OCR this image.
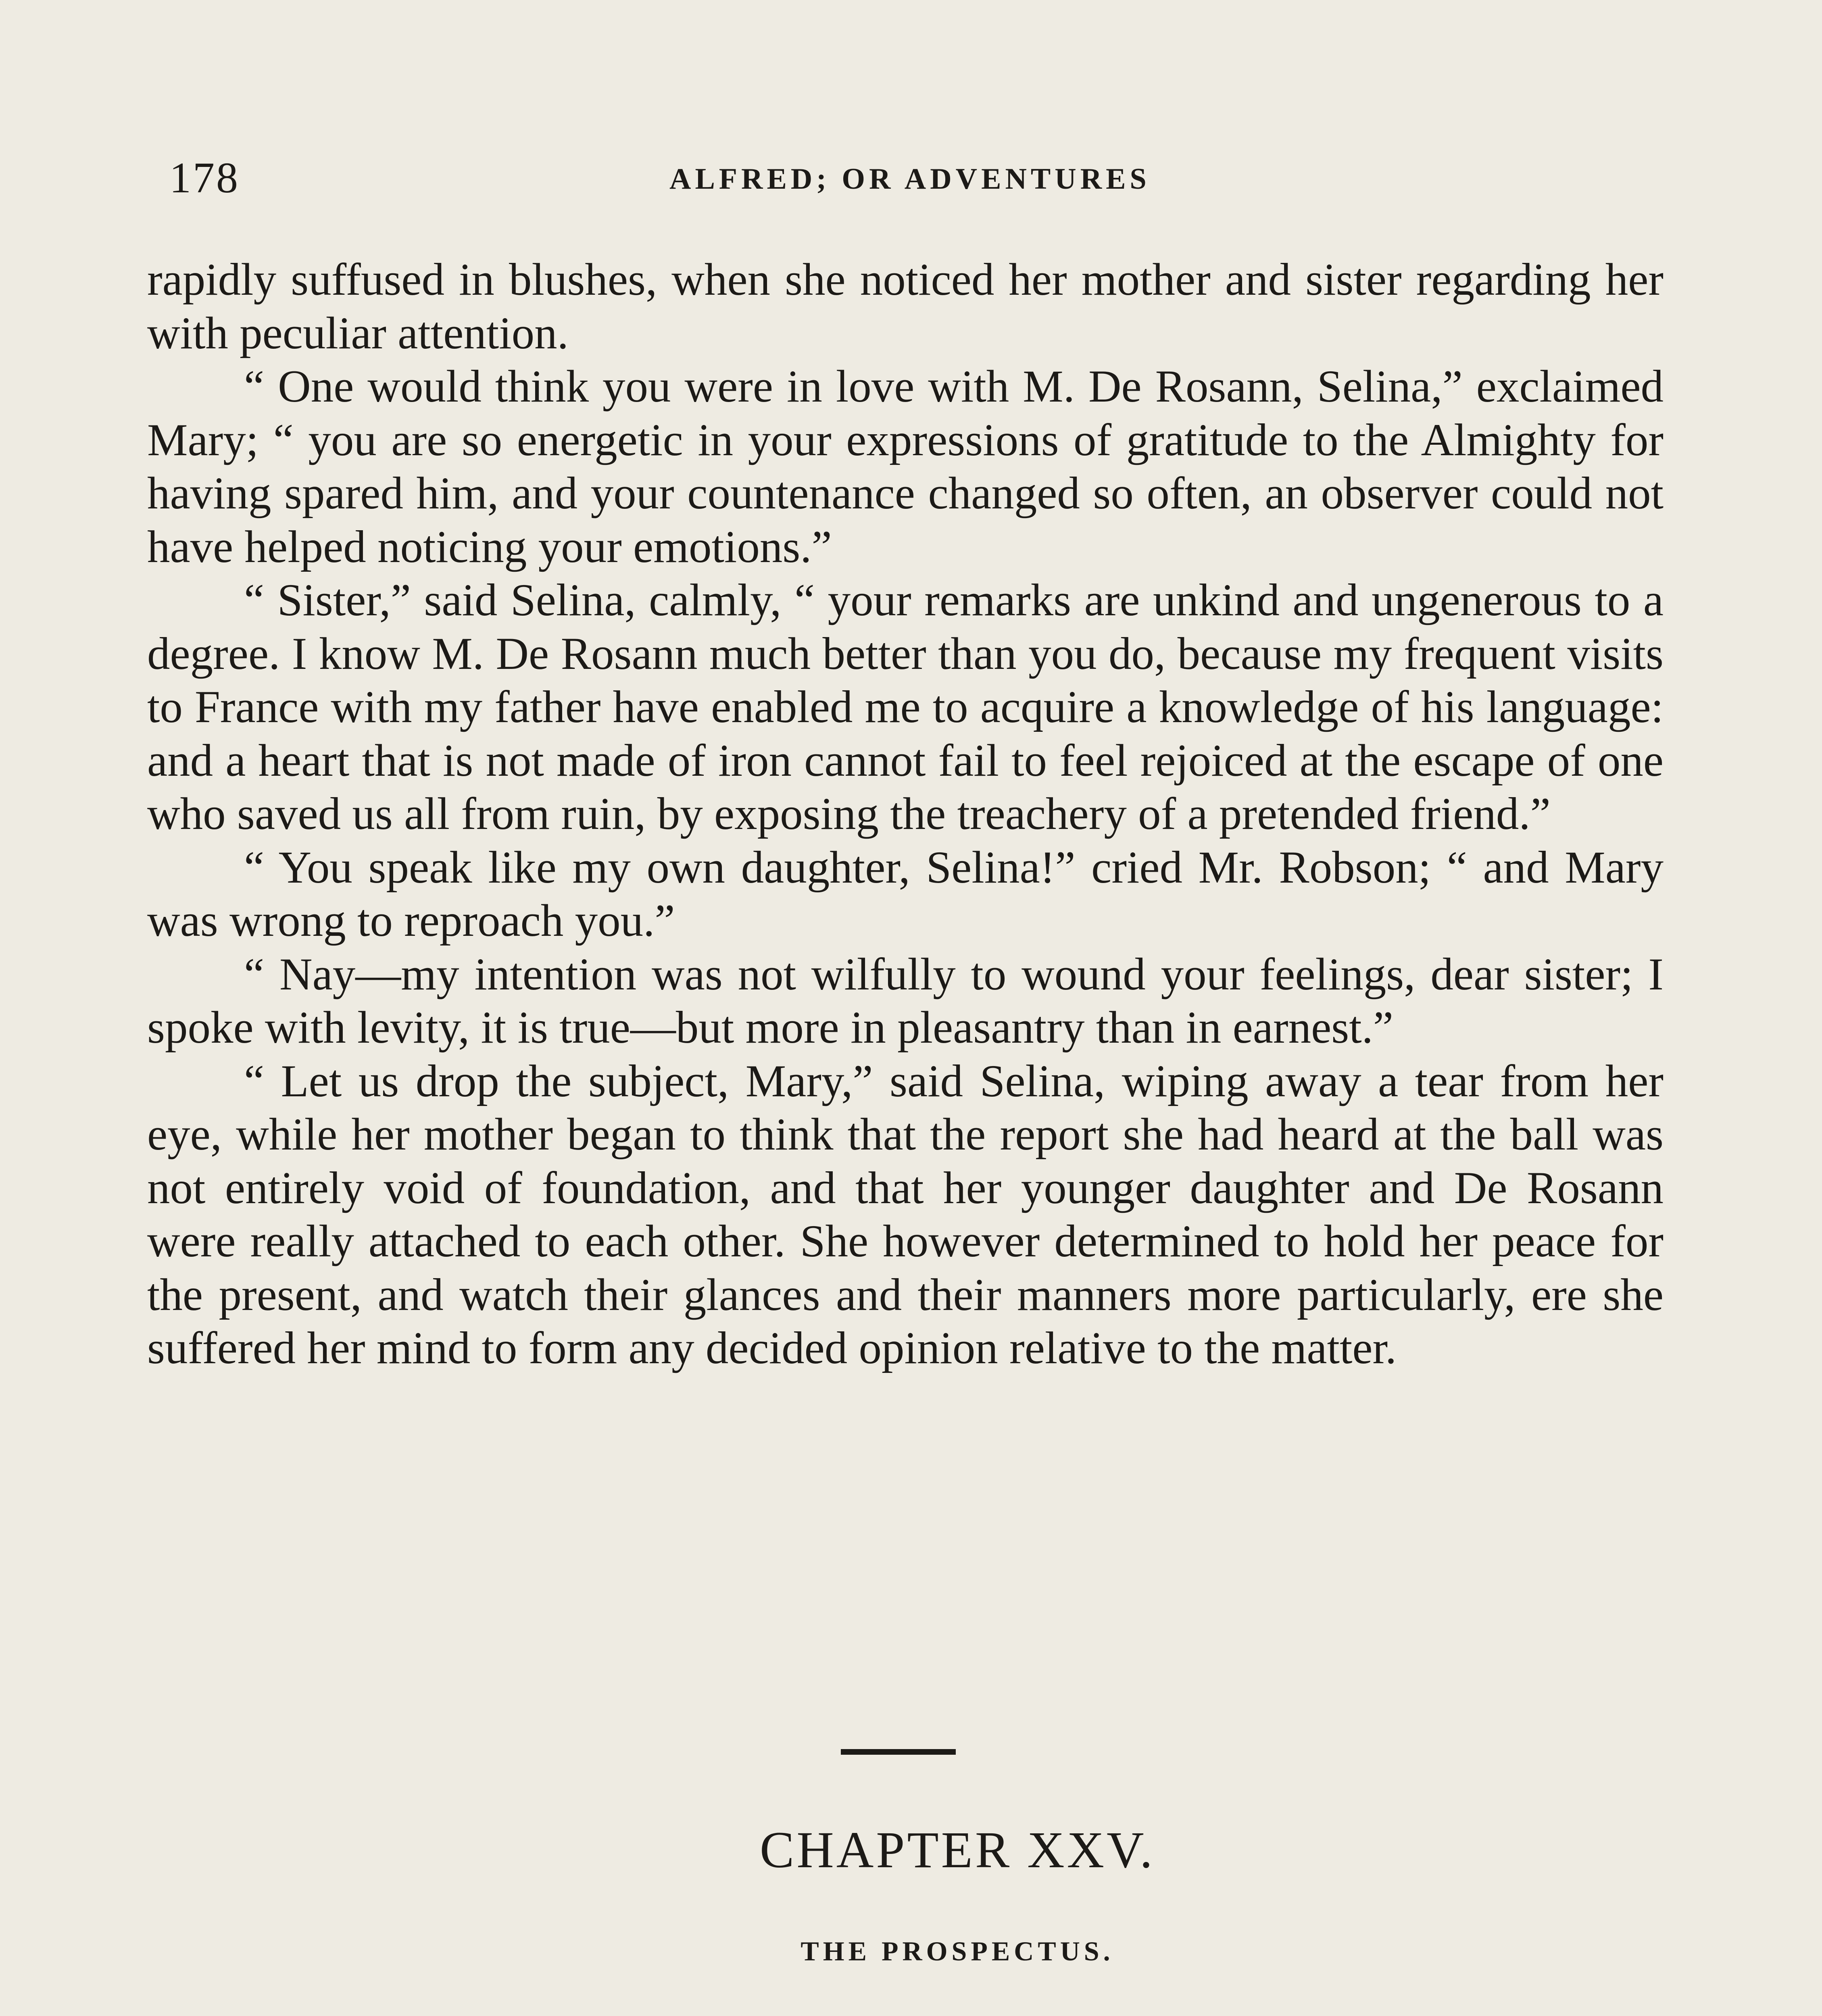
178	ALFRED; OR ADVENTURES

rapidly suffused in blushes, when she noticed her mother and sister regarding her with peculiar attention.

“ One would think you were in love with M. De Rosann, Selina,” exclaimed Mary; “ you are so energetic in your expressions of gratitude to the Almighty for having spared him, and your countenance changed so often, an observer could not have helped noticing your emotions.”

“ Sister,” said Selina, calmly, “ your remarks are unkind and ungenerous to a degree. I know M. De Rosann much better than you do, because my frequent visits to France with my father have enabled me to acquire a knowledge of his language: and a heart that is not made of iron cannot fail to feel rejoiced at the escape of one who saved us all from ruin, by exposing the treachery of a pretended friend.”

“ You speak like my own daughter, Selina!” cried Mr. Robson; “ and Mary was wrong to reproach you.”

“ Nay—my intention was not wilfully to wound your feelings, dear sister; I spoke with levity, it is true—but more in pleasantry than in earnest.”

“ Let us drop the subject, Mary,” said Selina, wiping away a tear from her eye, while her mother began to think that the report she had heard at the ball was not entirely void of foundation, and that her younger daughter and De Rosann were really attached to each other. She however determined to hold her peace for the present, and watch their glances and their manners more particularly, ere she suffered her mind to form any decided opinion relative to the matter.

CHAPTER XXV.
THE PROSPECTUS.
